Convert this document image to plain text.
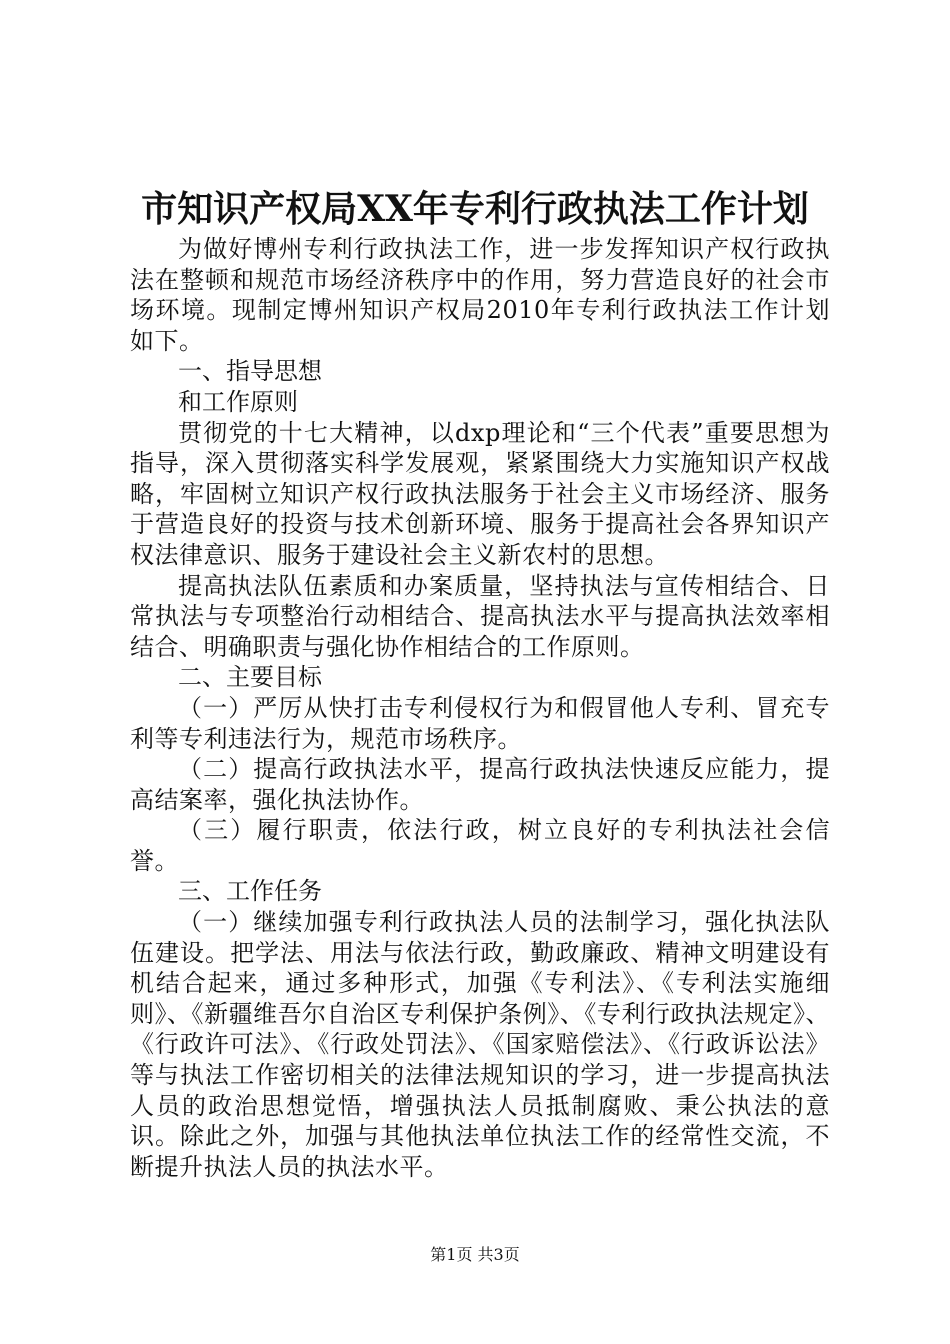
市知识产权局XX年专利行政执法工作计划

为做好博州专利行政执法工作，进一步发挥知识产权行政执法在整顿和规范市场经济秩序中的作用，努力营造良好的社会市场环境。现制定博州知识产权局2010年专利行政执法工作计划如下。

一、指导思想

和工作原则

贯彻党的十七大精神，以dxp理论和“三个代表”重要思想为指导，深入贯彻落实科学发展观，紧紧围绕大力实施知识产权战略，牢固树立知识产权行政执法服务于社会主义市场经济、服务于营造良好的投资与技术创新环境、服务于提高社会各界知识产权法律意识、服务于建设社会主义新农村的思想。

提高执法队伍素质和办案质量，坚持执法与宣传相结合、日常执法与专项整治行动相结合、提高执法水平与提高执法效率相结合、明确职责与强化协作相结合的工作原则。

二、主要目标

（一）严厉从快打击专利侵权行为和假冒他人专利、冒充专利等专利违法行为，规范市场秩序。

（二）提高行政执法水平，提高行政执法快速反应能力，提高结案率，强化执法协作。

（三）履行职责，依法行政，树立良好的专利执法社会信誉。

三、工作任务

（一）继续加强专利行政执法人员的法制学习，强化执法队伍建设。把学法、用法与依法行政，勤政廉政、精神文明建设有机结合起来，通过多种形式，加强《专利法》、《专利法实施细则》、《新疆维吾尔自治区专利保护条例》、《专利行政执法规定》、《行政许可法》、《行政处罚法》、《国家赔偿法》、《行政诉讼法》等与执法工作密切相关的法律法规知识的学习，进一步提高执法人员的政治思想觉悟，增强执法人员抵制腐败、秉公执法的意识。除此之外，加强与其他执法单位执法工作的经常性交流，不断提升执法人员的执法水平。

第1页 共3页
